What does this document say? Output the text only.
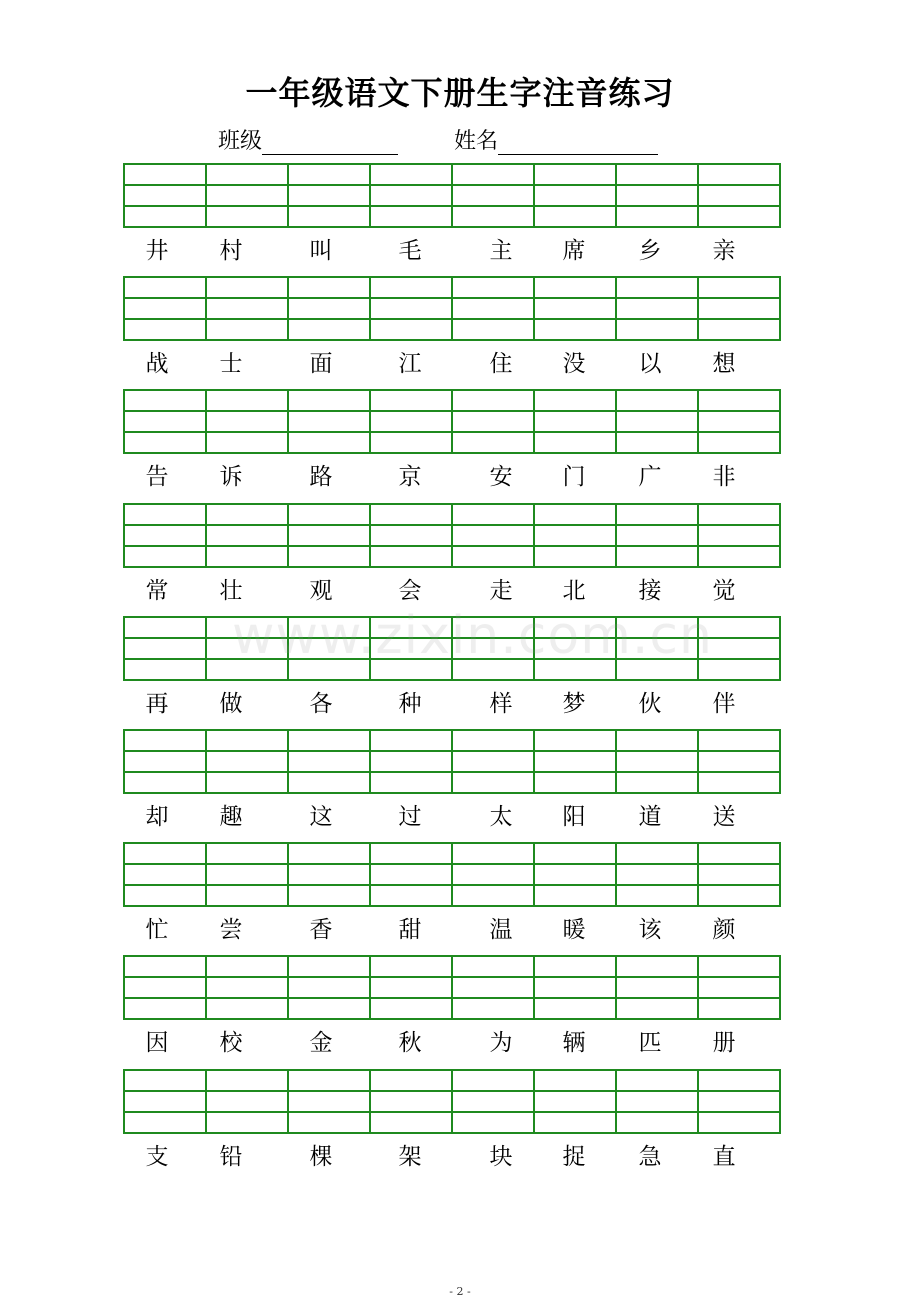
一年级语文下册生字注音练习
班级	姓名

井	村	叫	毛	主	席	乡	亲

战	士	面	江	住	没	以	想

告	诉	路	京	安	门	广	非

常	壮	观	会	走	北	接	觉

再	做	各	种	样	梦	伙	伴

却	趣	这	过	太	阳	道	送

忙	尝	香	甜	温	暖	该	颜

因	校	金	秋	为	辆	匹	册

支	铅	棵	架	块	捉	急	直
www.zixin.com.cn
- 2 -
